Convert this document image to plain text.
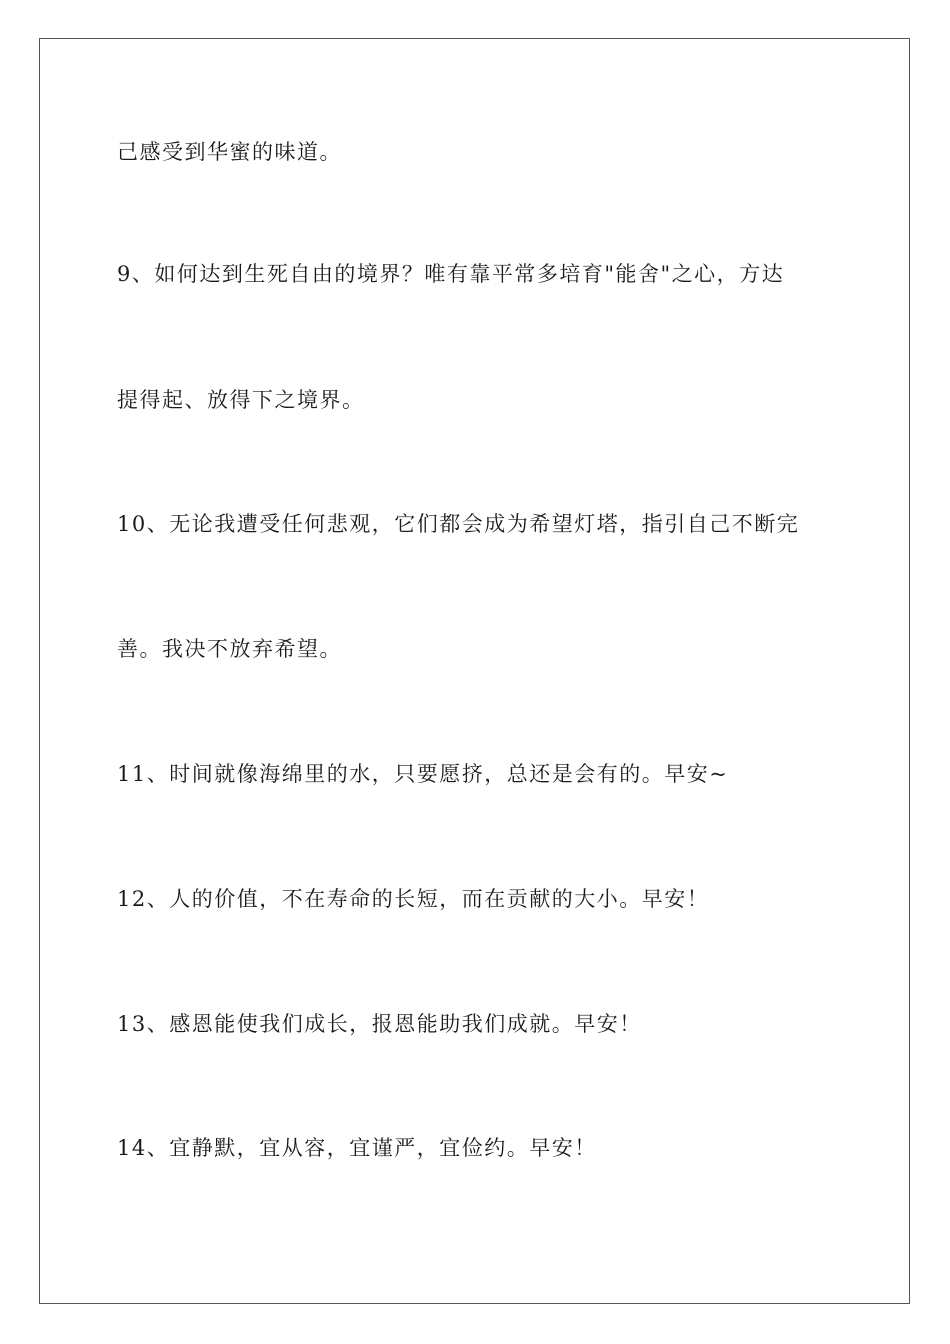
己感受到华蜜的味道。
9、如何达到生死自由的境界？唯有靠平常多培育"能舍"之心，方达
提得起、放得下之境界。
10、无论我遭受任何悲观，它们都会成为希望灯塔，指引自己不断完
善。我决不放弃希望。
11、时间就像海绵里的水，只要愿挤，总还是会有的。早安~
12、人的价值，不在寿命的长短，而在贡献的大小。早安！
13、感恩能使我们成长，报恩能助我们成就。早安！
14、宜静默，宜从容，宜谨严，宜俭约。早安！
